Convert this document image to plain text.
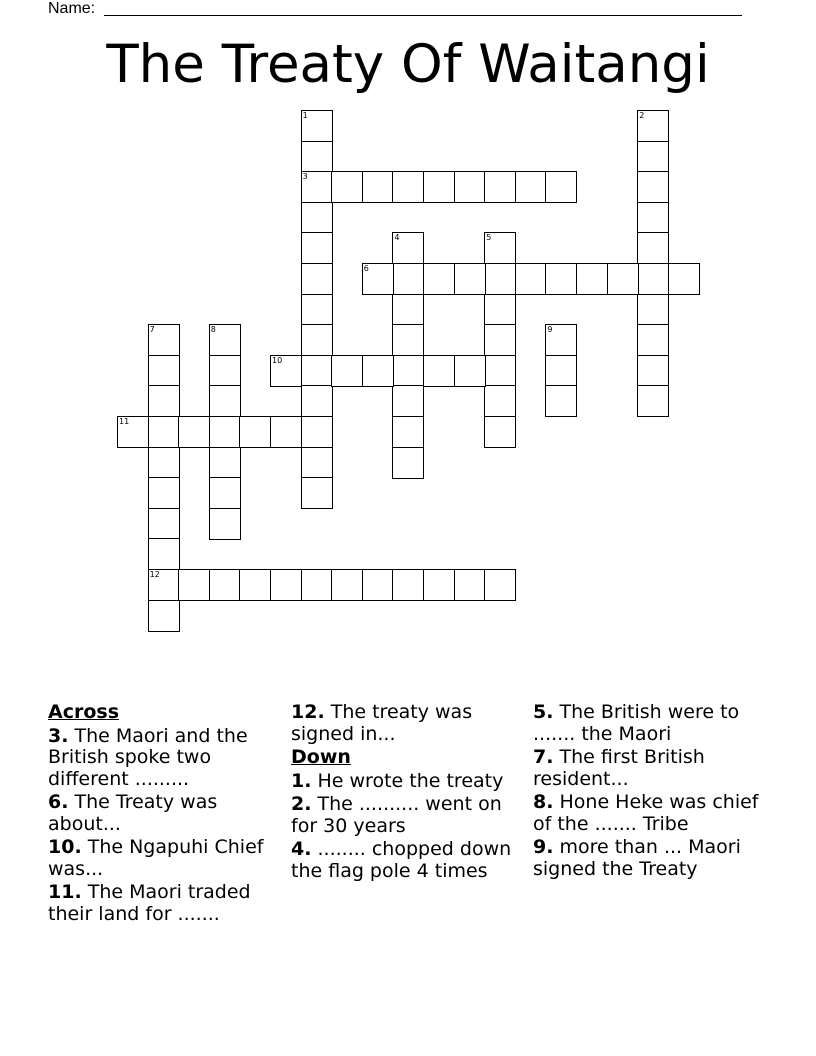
Name:
The Treaty Of Waitangi
1
3
2
4	5
6
7
12
8	9
10
11
Across
3. The Maori and the British spoke two different .........
6. The Treaty was about...
10. The Ngapuhi Chief was...
11. The Maori traded their land for .......
12. The treaty was signed in...
Down
1. He wrote the treaty
2. The .......... went on for 30 years
4. ........ chopped down the flag pole 4 times
5. The British were to ....... the Maori
7. The first British resident...
8. Hone Heke was chief of the ....... Tribe
9. more than ... Maori signed the Treaty
